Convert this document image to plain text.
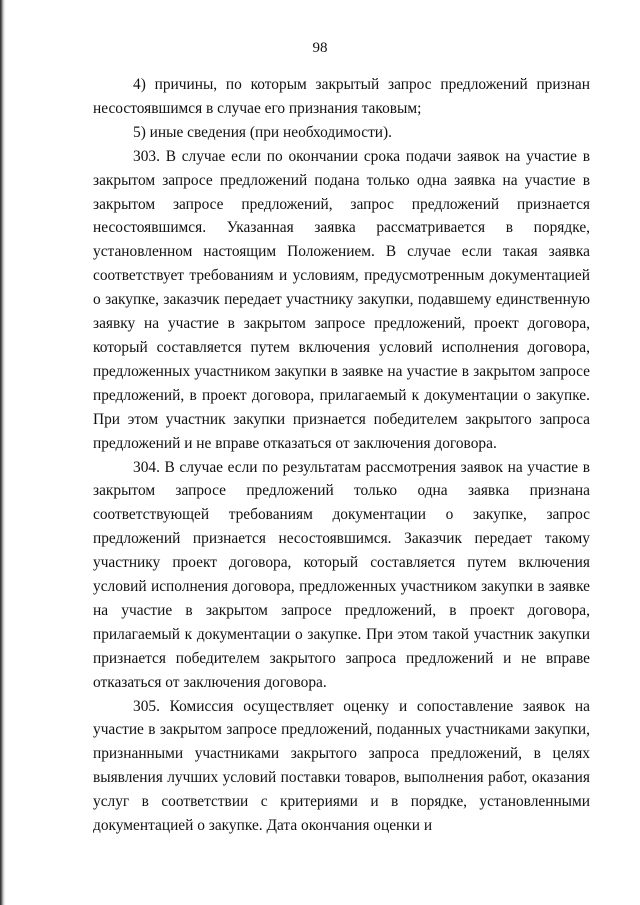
98

4) причины, по которым закрытый запрос предложений признан несостоявшимся в случае его признания таковым;

5) иные сведения (при необходимости).

303. В случае если по окончании срока подачи заявок на участие в закрытом запросе предложений подана только одна заявка на участие в закрытом запросе предложений, запрос предложений признается несостоявшимся. Указанная заявка рассматривается в порядке, установленном настоящим Положением. В случае если такая заявка соответствует требованиям и условиям, предусмотренным документацией о закупке, заказчик передает участнику закупки, подавшему единственную заявку на участие в закрытом запросе предложений, проект договора, который составляется путем включения условий исполнения договора, предложенных участником закупки в заявке на участие в закрытом запросе предложений, в проект договора, прилагаемый к документации о закупке. При этом участник закупки признается победителем закрытого запроса предложений и не вправе отказаться от заключения договора.

304. В случае если по результатам рассмотрения заявок на участие в закрытом запросе предложений только одна заявка признана соответствующей требованиям документации о закупке, запрос предложений признается несостоявшимся. Заказчик передает такому участнику проект договора, который составляется путем включения условий исполнения договора, предложенных участником закупки в заявке на участие в закрытом запросе предложений, в проект договора, прилагаемый к документации о закупке. При этом такой участник закупки признается победителем закрытого запроса предложений и не вправе отказаться от заключения договора.

305. Комиссия осуществляет оценку и сопоставление заявок на участие в закрытом запросе предложений, поданных участниками закупки, признанными участниками закрытого запроса предложений, в целях выявления лучших условий поставки товаров, выполнения работ, оказания услуг в соответствии с критериями и в порядке, установленными документацией о закупке. Дата окончания оценки и
